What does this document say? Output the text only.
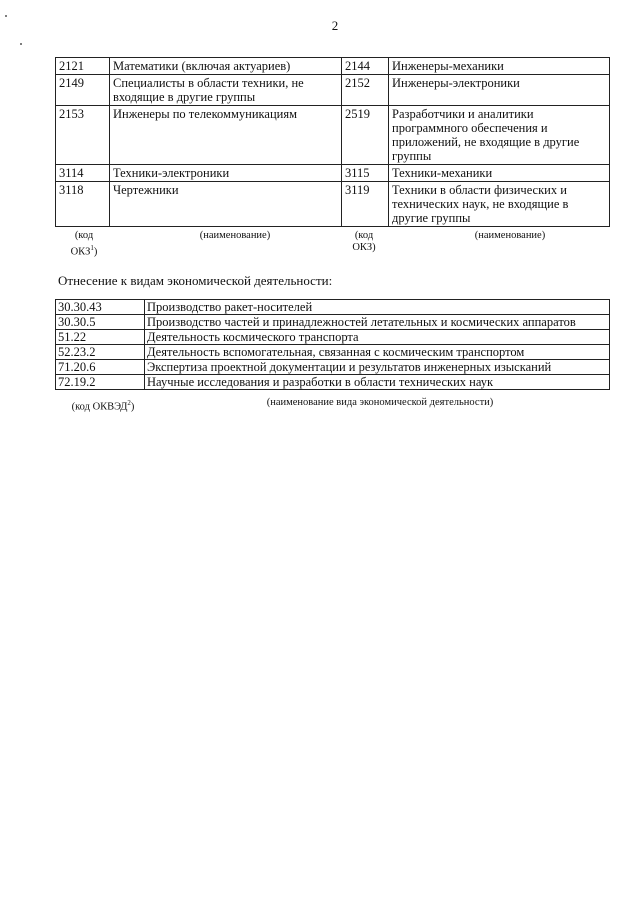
2
2121	Математики (включая актуариев)	2144	Инженеры-механики
2149	Специалисты в области техники, не входящие в другие группы	2152	Инженеры-электроники
2153	Инженеры по телекоммуникациям	2519	Разработчики и аналитики программного обеспечения и приложений, не входящие в другие группы
3114	Техники-электроники	3115	Техники-механики
3118	Чертежники	3119	Техники в области физических и технических наук, не входящие в другие группы
(код
ОКЗ$^1$)
(наименование)	(код
ОКЗ)
(наименование)
Отнесение к видам экономической деятельности:
30.30.43	Производство ракет-носителей
30.30.5	Производство частей и принадлежностей летательных и космических аппаратов
51.22	Деятельность космического транспорта
52.23.2	Деятельность вспомогательная, связанная с космическим транспортом
71.20.6	Экспертиза проектной документации и результатов инженерных изысканий
72.19.2	Научные исследования и разработки в области технических наук
(код ОКВЭД$^2$)	(наименование вида экономической деятельности)
